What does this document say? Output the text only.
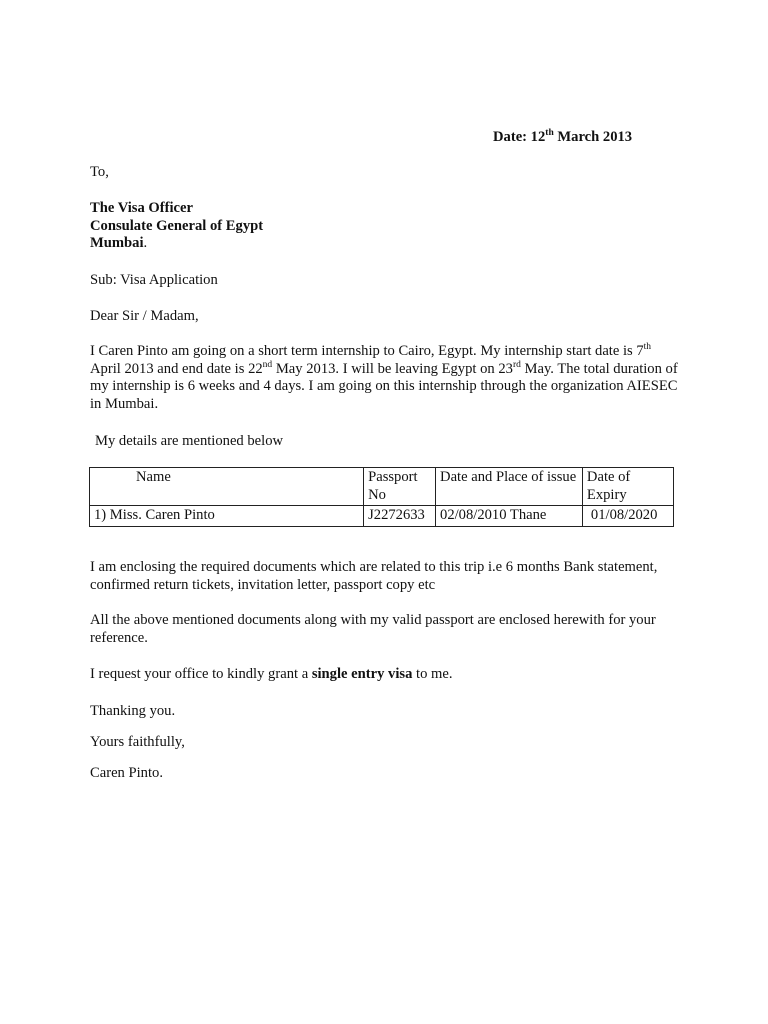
Date: 12th March 2013

To,

The Visa Officer
Consulate General of Egypt
Mumbai.

Sub: Visa Application

Dear Sir / Madam,

I Caren Pinto am going on a short term internship to Cairo, Egypt. My internship start date is 7th April 2013 and end date is 22nd May 2013. I will be leaving Egypt on 23rd May. The total duration of my internship is 6 weeks and 4 days. I am going on this internship through the organization AIESEC in Mumbai.

My details are mentioned below

Name	Passport No	Date and Place of issue	Date of Expiry
1) Miss. Caren Pinto	J2272633	02/08/2010 Thane	01/08/2020

I am enclosing the required documents which are related to this trip i.e 6 months Bank statement, confirmed return tickets, invitation letter, passport copy etc

All the above mentioned documents along with my valid passport are enclosed herewith for your reference.

I request your office to kindly grant a single entry visa to me.

Thanking you.

Yours faithfully,

Caren Pinto.
